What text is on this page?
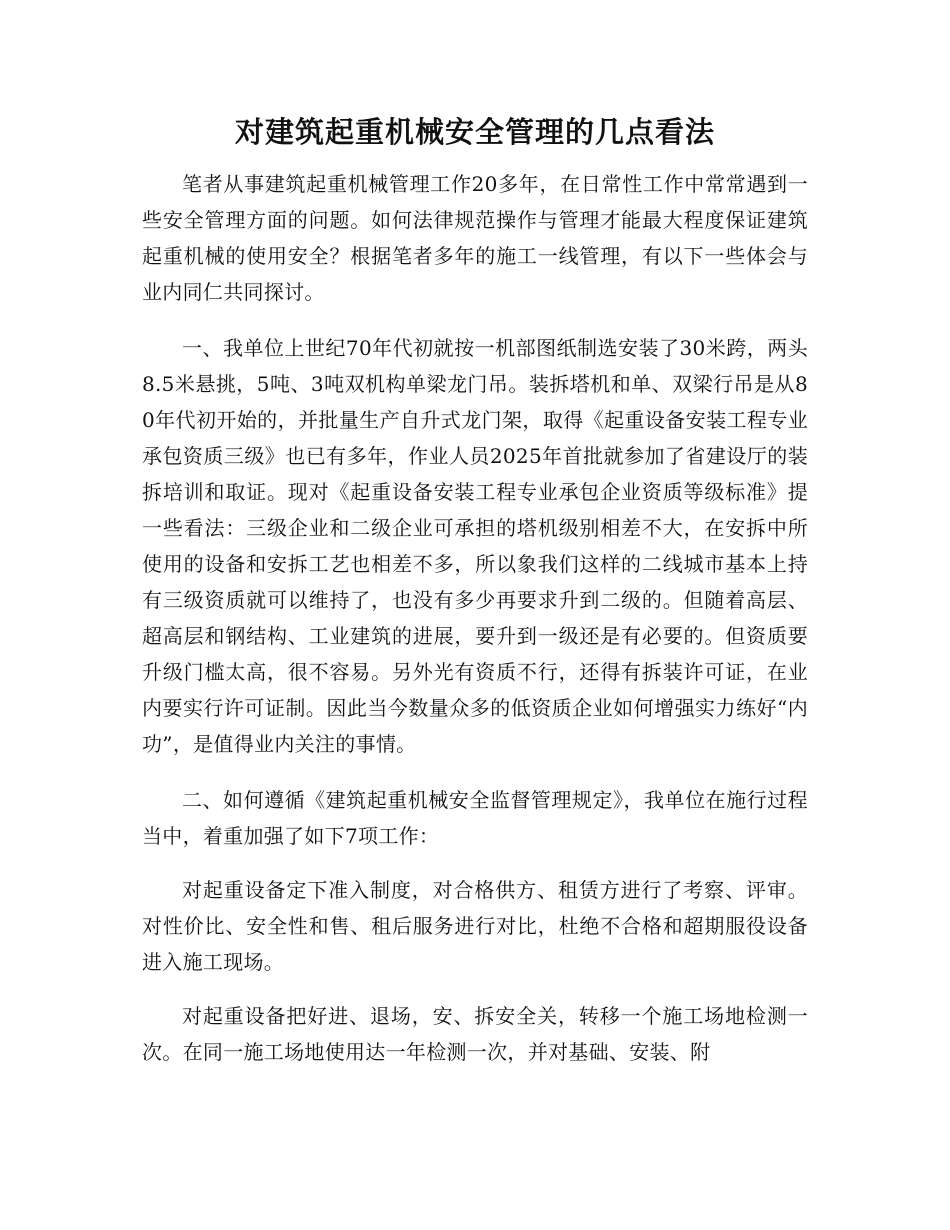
对建筑起重机械安全管理的几点看法

笔者从事建筑起重机械管理工作20多年，在日常性工作中常常遇到一些安全管理方面的问题。如何法律规范操作与管理才能最大程度保证建筑起重机械的使用安全？根据笔者多年的施工一线管理，有以下一些体会与业内同仁共同探讨。

一、我单位上世纪70年代初就按一机部图纸制选安装了30米跨，两头8.5米悬挑，5吨、3吨双机构单梁龙门吊。装拆塔机和单、双梁行吊是从80年代初开始的，并批量生产自升式龙门架，取得《起重设备安装工程专业承包资质三级》也已有多年，作业人员2025年首批就参加了省建设厅的装拆培训和取证。现对《起重设备安装工程专业承包企业资质等级标准》提一些看法：三级企业和二级企业可承担的塔机级别相差不大，在安拆中所使用的设备和安拆工艺也相差不多，所以象我们这样的二线城市基本上持有三级资质就可以维持了，也没有多少再要求升到二级的。但随着高层、超高层和钢结构、工业建筑的进展，要升到一级还是有必要的。但资质要升级门槛太高，很不容易。另外光有资质不行，还得有拆装许可证，在业内要实行许可证制。因此当今数量众多的低资质企业如何增强实力练好“内功”，是值得业内关注的事情。

二、如何遵循《建筑起重机械安全监督管理规定》，我单位在施行过程当中，着重加强了如下7项工作：

对起重设备定下准入制度，对合格供方、租赁方进行了考察、评审。对性价比、安全性和售、租后服务进行对比，杜绝不合格和超期服役设备进入施工现场。

对起重设备把好进、退场，安、拆安全关，转移一个施工场地检测一次。在同一施工场地使用达一年检测一次，并对基础、安装、附
